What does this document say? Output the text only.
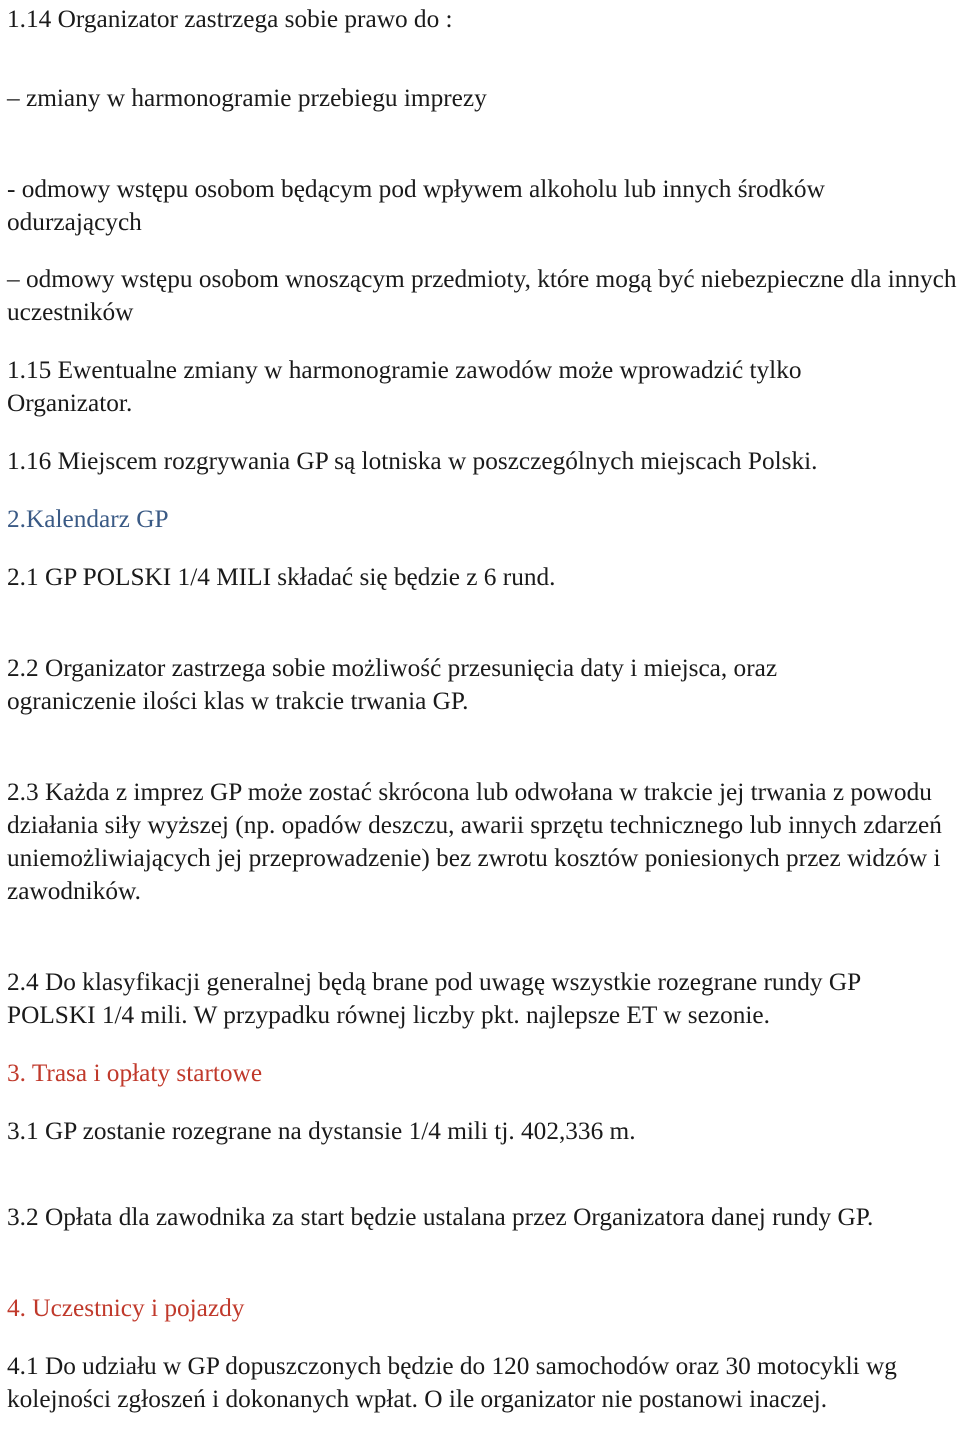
1.14 Organizator zastrzega sobie prawo do :

– zmiany w harmonogramie przebiegu imprezy

- odmowy wstępu osobom będącym pod wpływem alkoholu lub innych środków odurzających

– odmowy wstępu osobom wnoszącym przedmioty, które mogą być niebezpieczne dla innych uczestników

1.15 Ewentualne zmiany w harmonogramie zawodów może wprowadzić tylko Organizator.

1.16 Miejscem rozgrywania GP są lotniska w poszczególnych miejscach Polski.

2.Kalendarz GP

2.1 GP POLSKI 1/4 MILI składać się będzie z 6 rund.

2.2 Organizator zastrzega sobie możliwość przesunięcia daty i miejsca, oraz ograniczenie ilości klas w trakcie trwania GP.

2.3 Każda z imprez GP może zostać skrócona lub odwołana w trakcie jej trwania z powodu działania siły wyższej (np. opadów deszczu, awarii sprzętu technicznego lub innych zdarzeń uniemożliwiających jej przeprowadzenie) bez zwrotu kosztów poniesionych przez widzów i zawodników.

2.4 Do klasyfikacji generalnej będą brane pod uwagę wszystkie rozegrane rundy GP POLSKI 1/4 mili. W przypadku równej liczby pkt. najlepsze ET w sezonie.

3. Trasa i opłaty startowe

3.1 GP zostanie rozegrane na dystansie 1/4 mili tj. 402,336 m.

3.2 Opłata dla zawodnika za start będzie ustalana przez Organizatora danej rundy GP.

4. Uczestnicy i pojazdy

4.1 Do udziału w GP dopuszczonych będzie do 120 samochodów oraz 30 motocykli wg kolejności zgłoszeń i dokonanych wpłat. O ile organizator nie postanowi inaczej.
